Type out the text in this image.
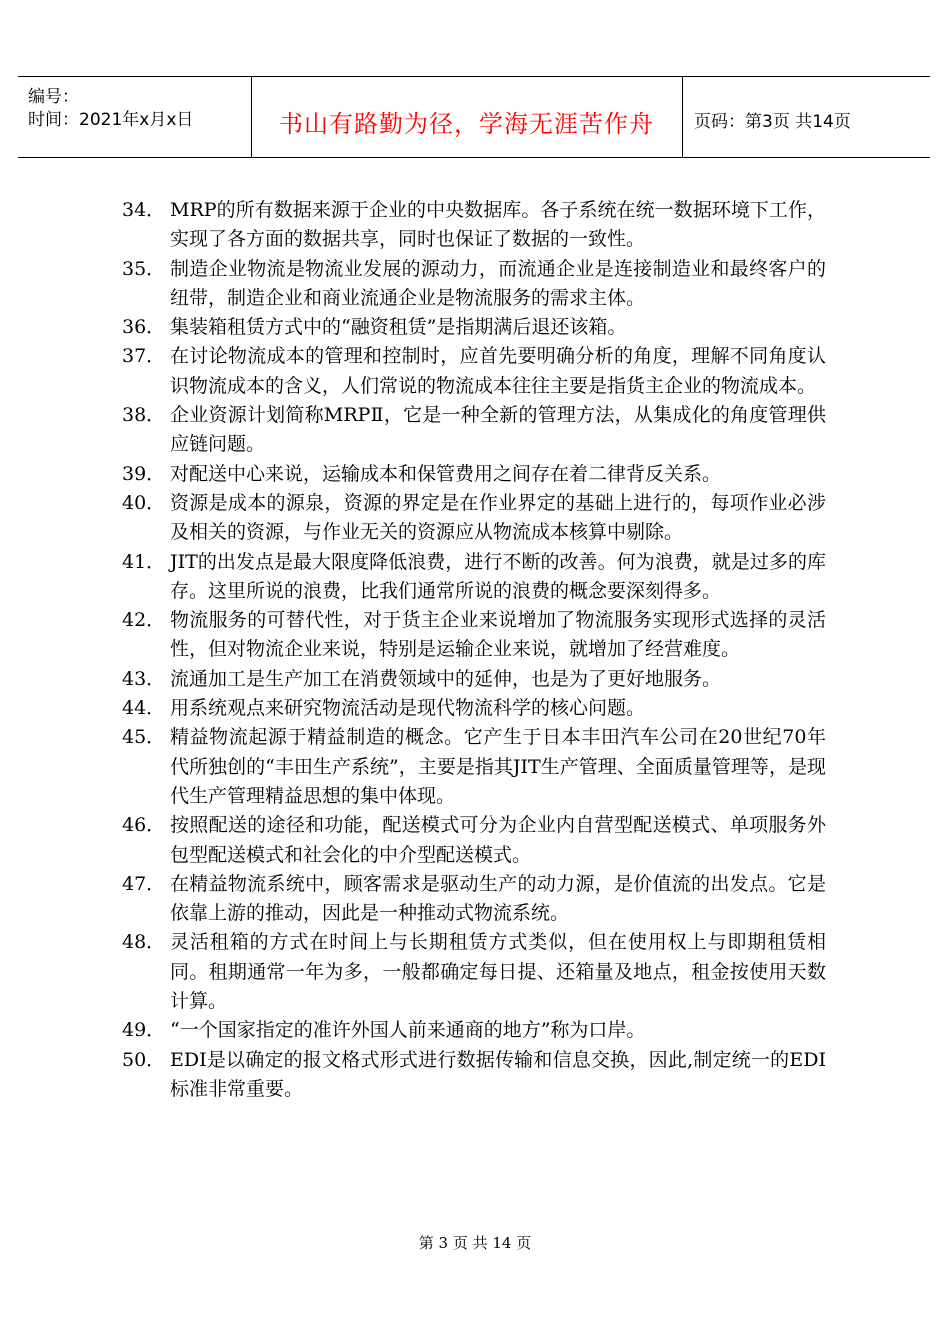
编号：
时间：2021年x月x日	书山有路勤为径，学海无涯苦作舟	页码：第3页 共14页
34． MRP的所有数据来源于企业的中央数据库。各子系统在统一数据环境下工作，实现了各方面的数据共享，同时也保证了数据的一致性。
35． 制造企业物流是物流业发展的源动力，而流通企业是连接制造业和最终客户的纽带，制造企业和商业流通企业是物流服务的需求主体。
36． 集装箱租赁方式中的“融资租赁”是指期满后退还该箱。
37． 在讨论物流成本的管理和控制时，应首先要明确分析的角度，理解不同角度认识物流成本的含义，人们常说的物流成本往往主要是指货主企业的物流成本。
38． 企业资源计划简称MRPⅡ，它是一种全新的管理方法，从集成化的角度管理供应链问题。
39． 对配送中心来说，运输成本和保管费用之间存在着二律背反关系。
40． 资源是成本的源泉，资源的界定是在作业界定的基础上进行的，每项作业必涉及相关的资源，与作业无关的资源应从物流成本核算中剔除。
41． JIT的出发点是最大限度降低浪费，进行不断的改善。何为浪费，就是过多的库存。这里所说的浪费，比我们通常所说的浪费的概念要深刻得多。
42． 物流服务的可替代性，对于货主企业来说增加了物流服务实现形式选择的灵活性，但对物流企业来说，特别是运输企业来说，就增加了经营难度。
43． 流通加工是生产加工在消费领域中的延伸，也是为了更好地服务。
44． 用系统观点来研究物流活动是现代物流科学的核心问题。
45． 精益物流起源于精益制造的概念。它产生于日本丰田汽车公司在20世纪70年代所独创的“丰田生产系统”，主要是指其JIT生产管理、全面质量管理等，是现代生产管理精益思想的集中体现。
46． 按照配送的途径和功能，配送模式可分为企业内自营型配送模式、单项服务外包型配送模式和社会化的中介型配送模式。
47． 在精益物流系统中，顾客需求是驱动生产的动力源，是价值流的出发点。它是依靠上游的推动，因此是一种推动式物流系统。
48． 灵活租箱的方式在时间上与长期租赁方式类似，但在使用权上与即期租赁相同。租期通常一年为多，一般都确定每日提、还箱量及地点，租金按使用天数计算。
49． “一个国家指定的准许外国人前来通商的地方”称为口岸。
50． EDI是以确定的报文格式形式进行数据传输和信息交换，因此,制定统一的EDI标准非常重要。
第 3 页 共 14 页
